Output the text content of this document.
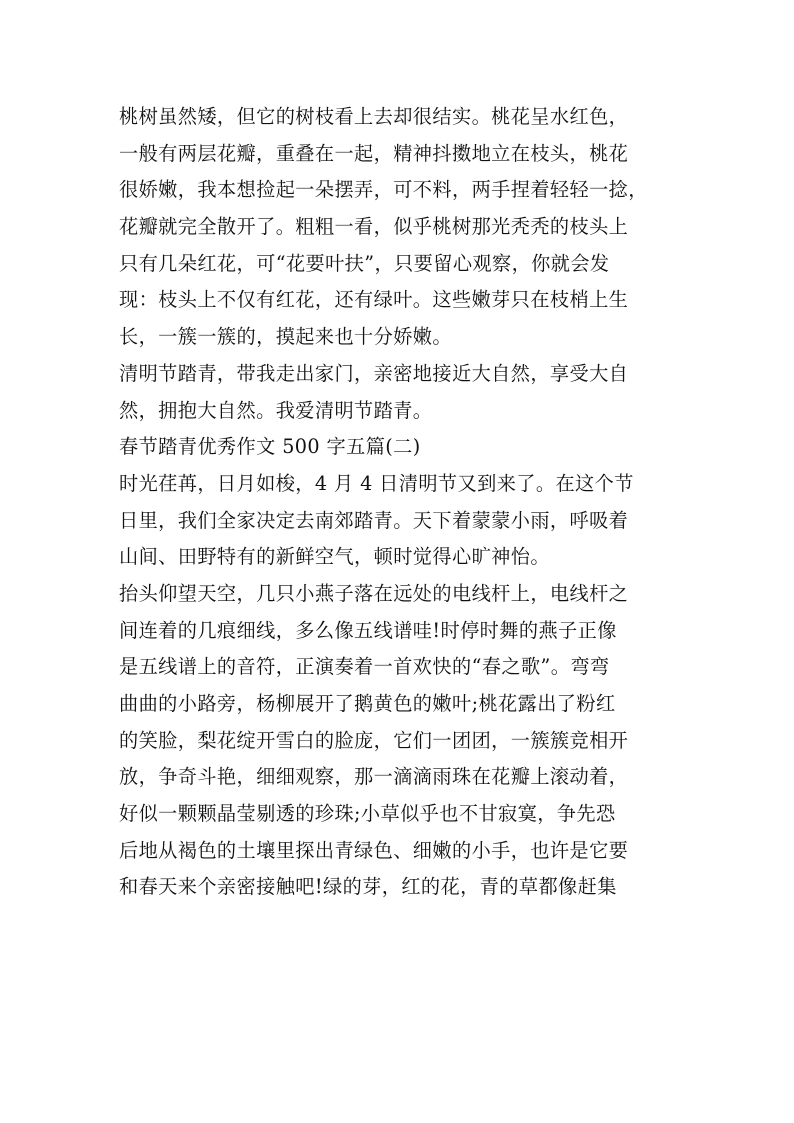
桃树虽然矮，但它的树枝看上去却很结实。桃花呈水红色，
一般有两层花瓣，重叠在一起，精神抖擞地立在枝头，桃花
很娇嫩，我本想捡起一朵摆弄，可不料，两手捏着轻轻一捻，
花瓣就完全散开了。粗粗一看，似乎桃树那光秃秃的枝头上
只有几朵红花，可“花要叶扶”，只要留心观察，你就会发
现：枝头上不仅有红花，还有绿叶。这些嫩芽只在枝梢上生
长，一簇一簇的，摸起来也十分娇嫩。

清明节踏青，带我走出家门，亲密地接近大自然，享受大自
然，拥抱大自然。我爱清明节踏青。

春节踏青优秀作文 500 字五篇(二)

时光荏苒，日月如梭，4 月 4 日清明节又到来了。在这个节
日里，我们全家决定去南郊踏青。天下着蒙蒙小雨，呼吸着
山间、田野特有的新鲜空气，顿时觉得心旷神怡。

抬头仰望天空，几只小燕子落在远处的电线杆上，电线杆之
间连着的几痕细线，多么像五线谱哇!时停时舞的燕子正像
是五线谱上的音符，正演奏着一首欢快的“春之歌”。弯弯
曲曲的小路旁，杨柳展开了鹅黄色的嫩叶;桃花露出了粉红
的笑脸，梨花绽开雪白的脸庞，它们一团团，一簇簇竞相开
放，争奇斗艳，细细观察，那一滴滴雨珠在花瓣上滚动着，
好似一颗颗晶莹剔透的珍珠;小草似乎也不甘寂寞，争先恐
后地从褐色的土壤里探出青绿色、细嫩的小手，也许是它要
和春天来个亲密接触吧!绿的芽，红的花，青的草都像赶集
